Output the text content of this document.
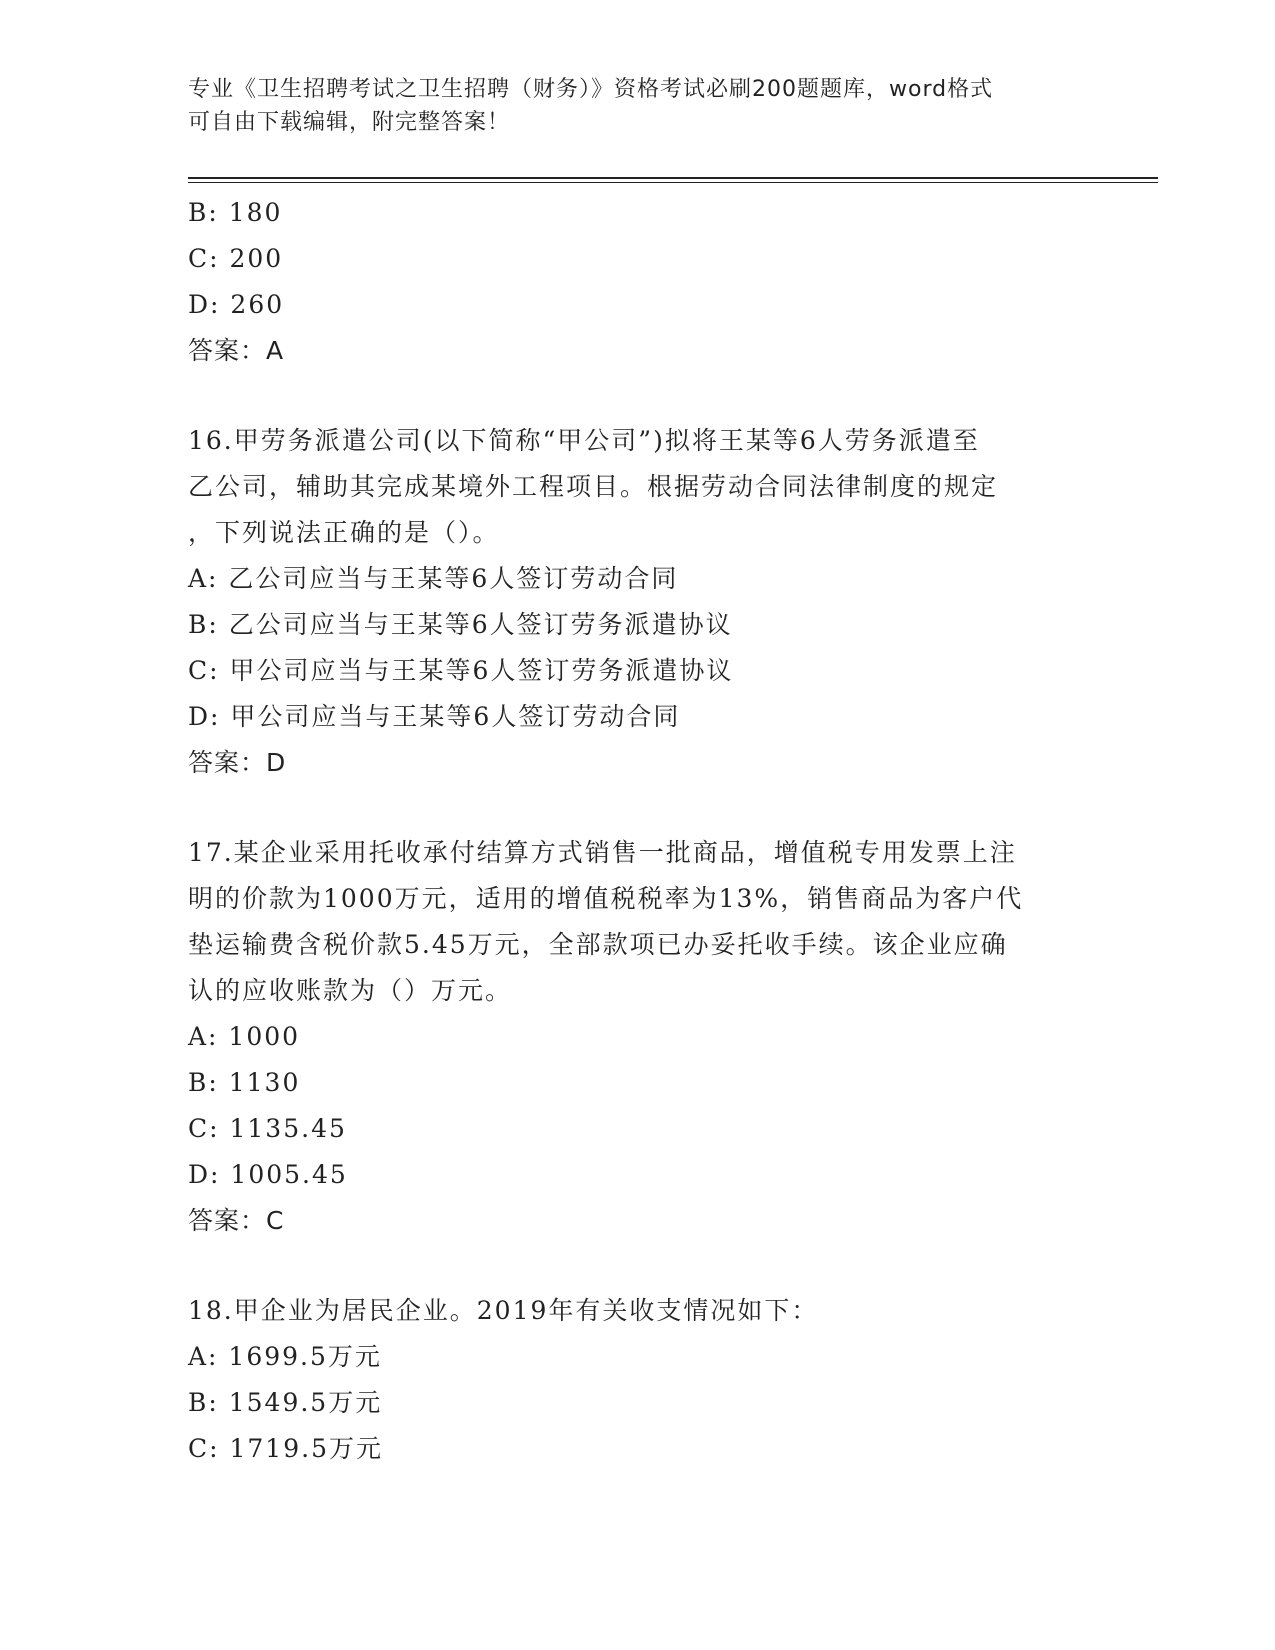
专业《卫生招聘考试之卫生招聘（财务）》资格考试必刷200题题库，word格式
可自由下载编辑，附完整答案！
B: 180
C: 200
D: 260
答案：A
16.甲劳务派遣公司(以下简称“甲公司”)拟将王某等6人劳务派遣至
乙公司，辅助其完成某境外工程项目。根据劳动合同法律制度的规定
，下列说法正确的是（）。
A: 乙公司应当与王某等6人签订劳动合同
B: 乙公司应当与王某等6人签订劳务派遣协议
C: 甲公司应当与王某等6人签订劳务派遣协议
D: 甲公司应当与王某等6人签订劳动合同
答案：D
17.某企业采用托收承付结算方式销售一批商品，增值税专用发票上注
明的价款为1000万元，适用的增值税税率为13%，销售商品为客户代
垫运输费含税价款5.45万元，全部款项已办妥托收手续。该企业应确
认的应收账款为（）万元。
A: 1000
B: 1130
C: 1135.45
D: 1005.45
答案：C
18.甲企业为居民企业。2019年有关收支情况如下：
A: 1699.5万元
B: 1549.5万元
C: 1719.5万元
